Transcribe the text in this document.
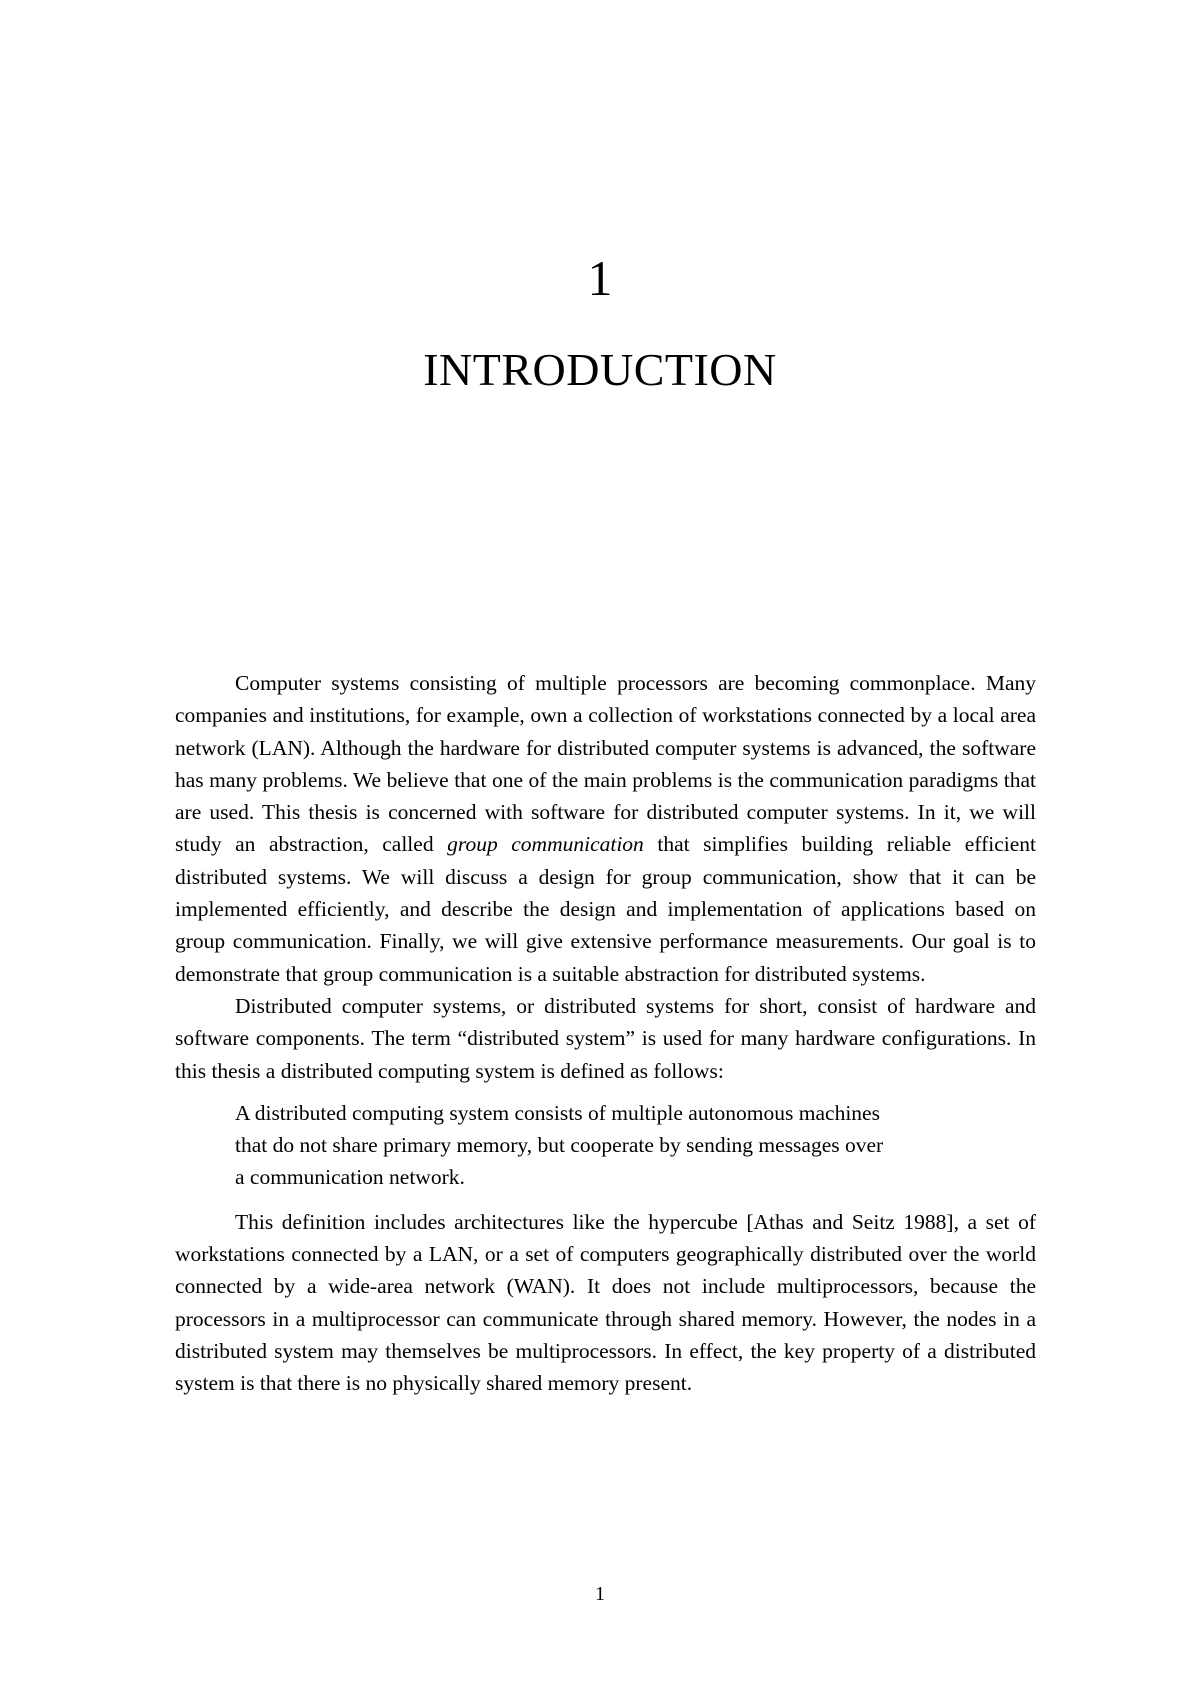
1
INTRODUCTION

Computer systems consisting of multiple processors are becoming commonplace. Many companies and institutions, for example, own a collection of workstations connected by a local area network (LAN). Although the hardware for distributed computer systems is advanced, the software has many problems. We believe that one of the main problems is the communication paradigms that are used. This thesis is concerned with software for distributed computer systems. In it, we will study an abstraction, called group communication that simplifies building reliable efficient distributed systems. We will discuss a design for group communication, show that it can be implemented efficiently, and describe the design and implementation of applications based on group communication. Finally, we will give extensive performance measurements. Our goal is to demonstrate that group communication is a suitable abstraction for distributed systems.

Distributed computer systems, or distributed systems for short, consist of hardware and software components. The term “distributed system” is used for many hardware configurations. In this thesis a distributed computing system is defined as follows:

A distributed computing system consists of multiple autonomous machines
that do not share primary memory, but cooperate by sending messages over
a communication network.

This definition includes architectures like the hypercube [Athas and Seitz 1988], a set of workstations connected by a LAN, or a set of computers geographically distributed over the world connected by a wide-area network (WAN). It does not include multiprocessors, because the processors in a multiprocessor can communicate through shared memory. However, the nodes in a distributed system may themselves be multiprocessors. In effect, the key property of a distributed system is that there is no physically shared memory present.

1
